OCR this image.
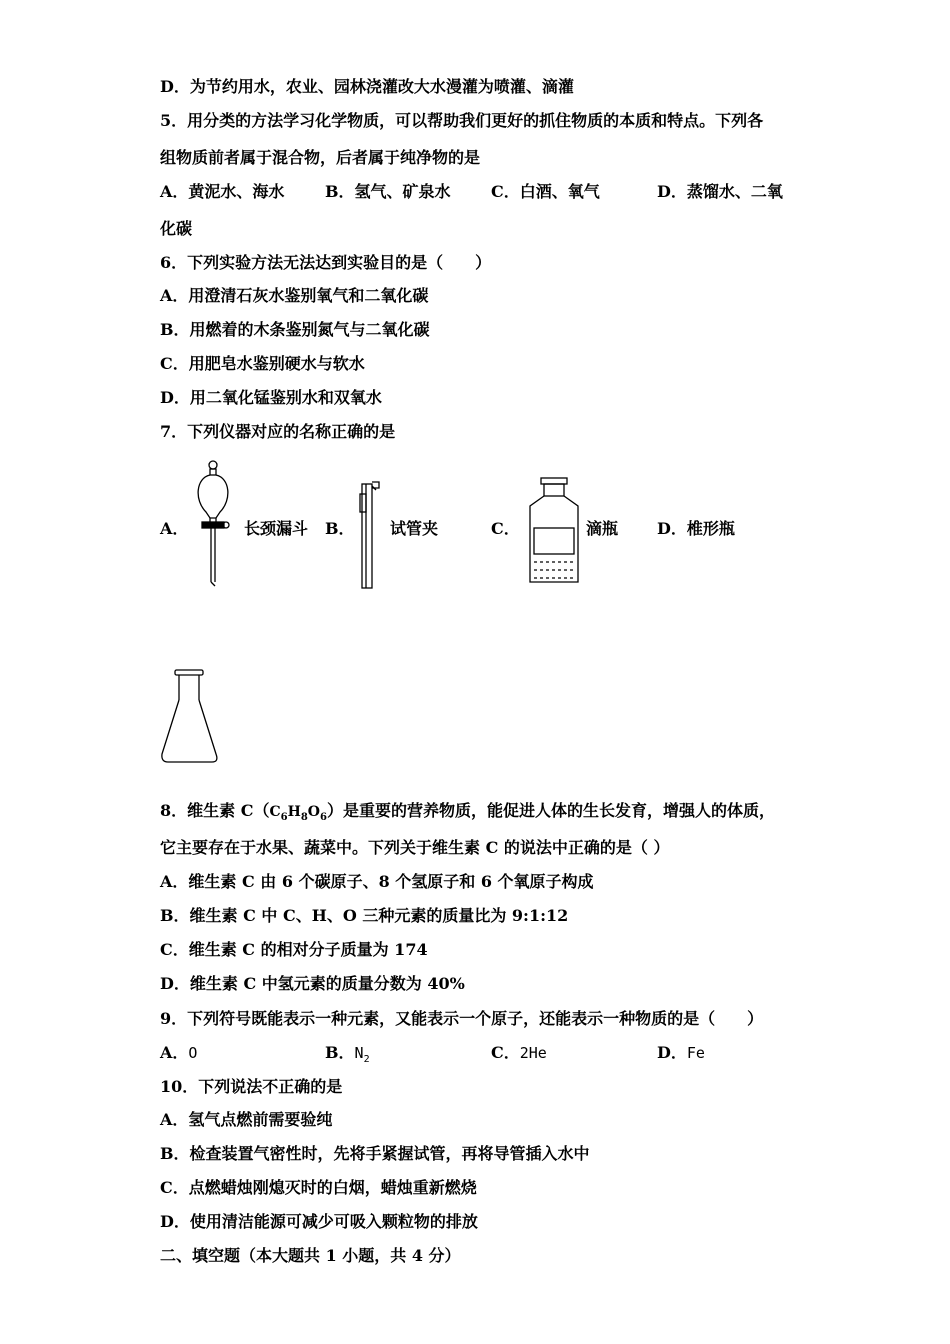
D．为节约用水，农业、园林浇灌改大水漫灌为喷灌、滴灌
5．用分类的方法学习化学物质，可以帮助我们更好的抓住物质的本质和特点。下列各
组物质前者属于混合物，后者属于纯净物的是
A．黄泥水、海水	B．氢气、矿泉水	C．白酒、氧气	D．蒸馏水、二氧
化碳
6．下列实验方法无法达到实验目的是（　　）
A．用澄清石灰水鉴别氧气和二氧化碳
B．用燃着的木条鉴别氮气与二氧化碳
C．用肥皂水鉴别硬水与软水
D．用二氧化锰鉴别水和双氧水
7．下列仪器对应的名称正确的是
A．	长颈漏斗 B． 试管夹	C．	滴瓶 D．椎形瓶
8．维生素 $C(C_6H_8O_6)$是重要的营养物质，能促进人体的生长发育，增强人的体质，
它主要存在于水果、蔬菜中。下列关于维生素 C 的说法中正确的是（ ）
A．维生素 C 由 6 个碳原子、8 个氢原子和 6 个氧原子构成
B．维生素 C 中 C、H、O 三种元素的质量比为 9:1:12
C．维生素 C 的相对分子质量为 174
D．维生素 C 中氢元素的质量分数为 40%
9．下列符号既能表示一种元素，又能表示一个原子，还能表示一种物质的是（　　）
A．O	B．$N_2$	C．2He	D．Fe
10．下列说法不正确的是
A．氢气点燃前需要验纯
B．检查装置气密性时，先将手紧握试管，再将导管插入水中
C．点燃蜡烛刚熄灭时的白烟，蜡烛重新燃烧
D．使用清洁能源可减少可吸入颗粒物的排放
二、填空题（本大题共 1 小题，共 4 分）
